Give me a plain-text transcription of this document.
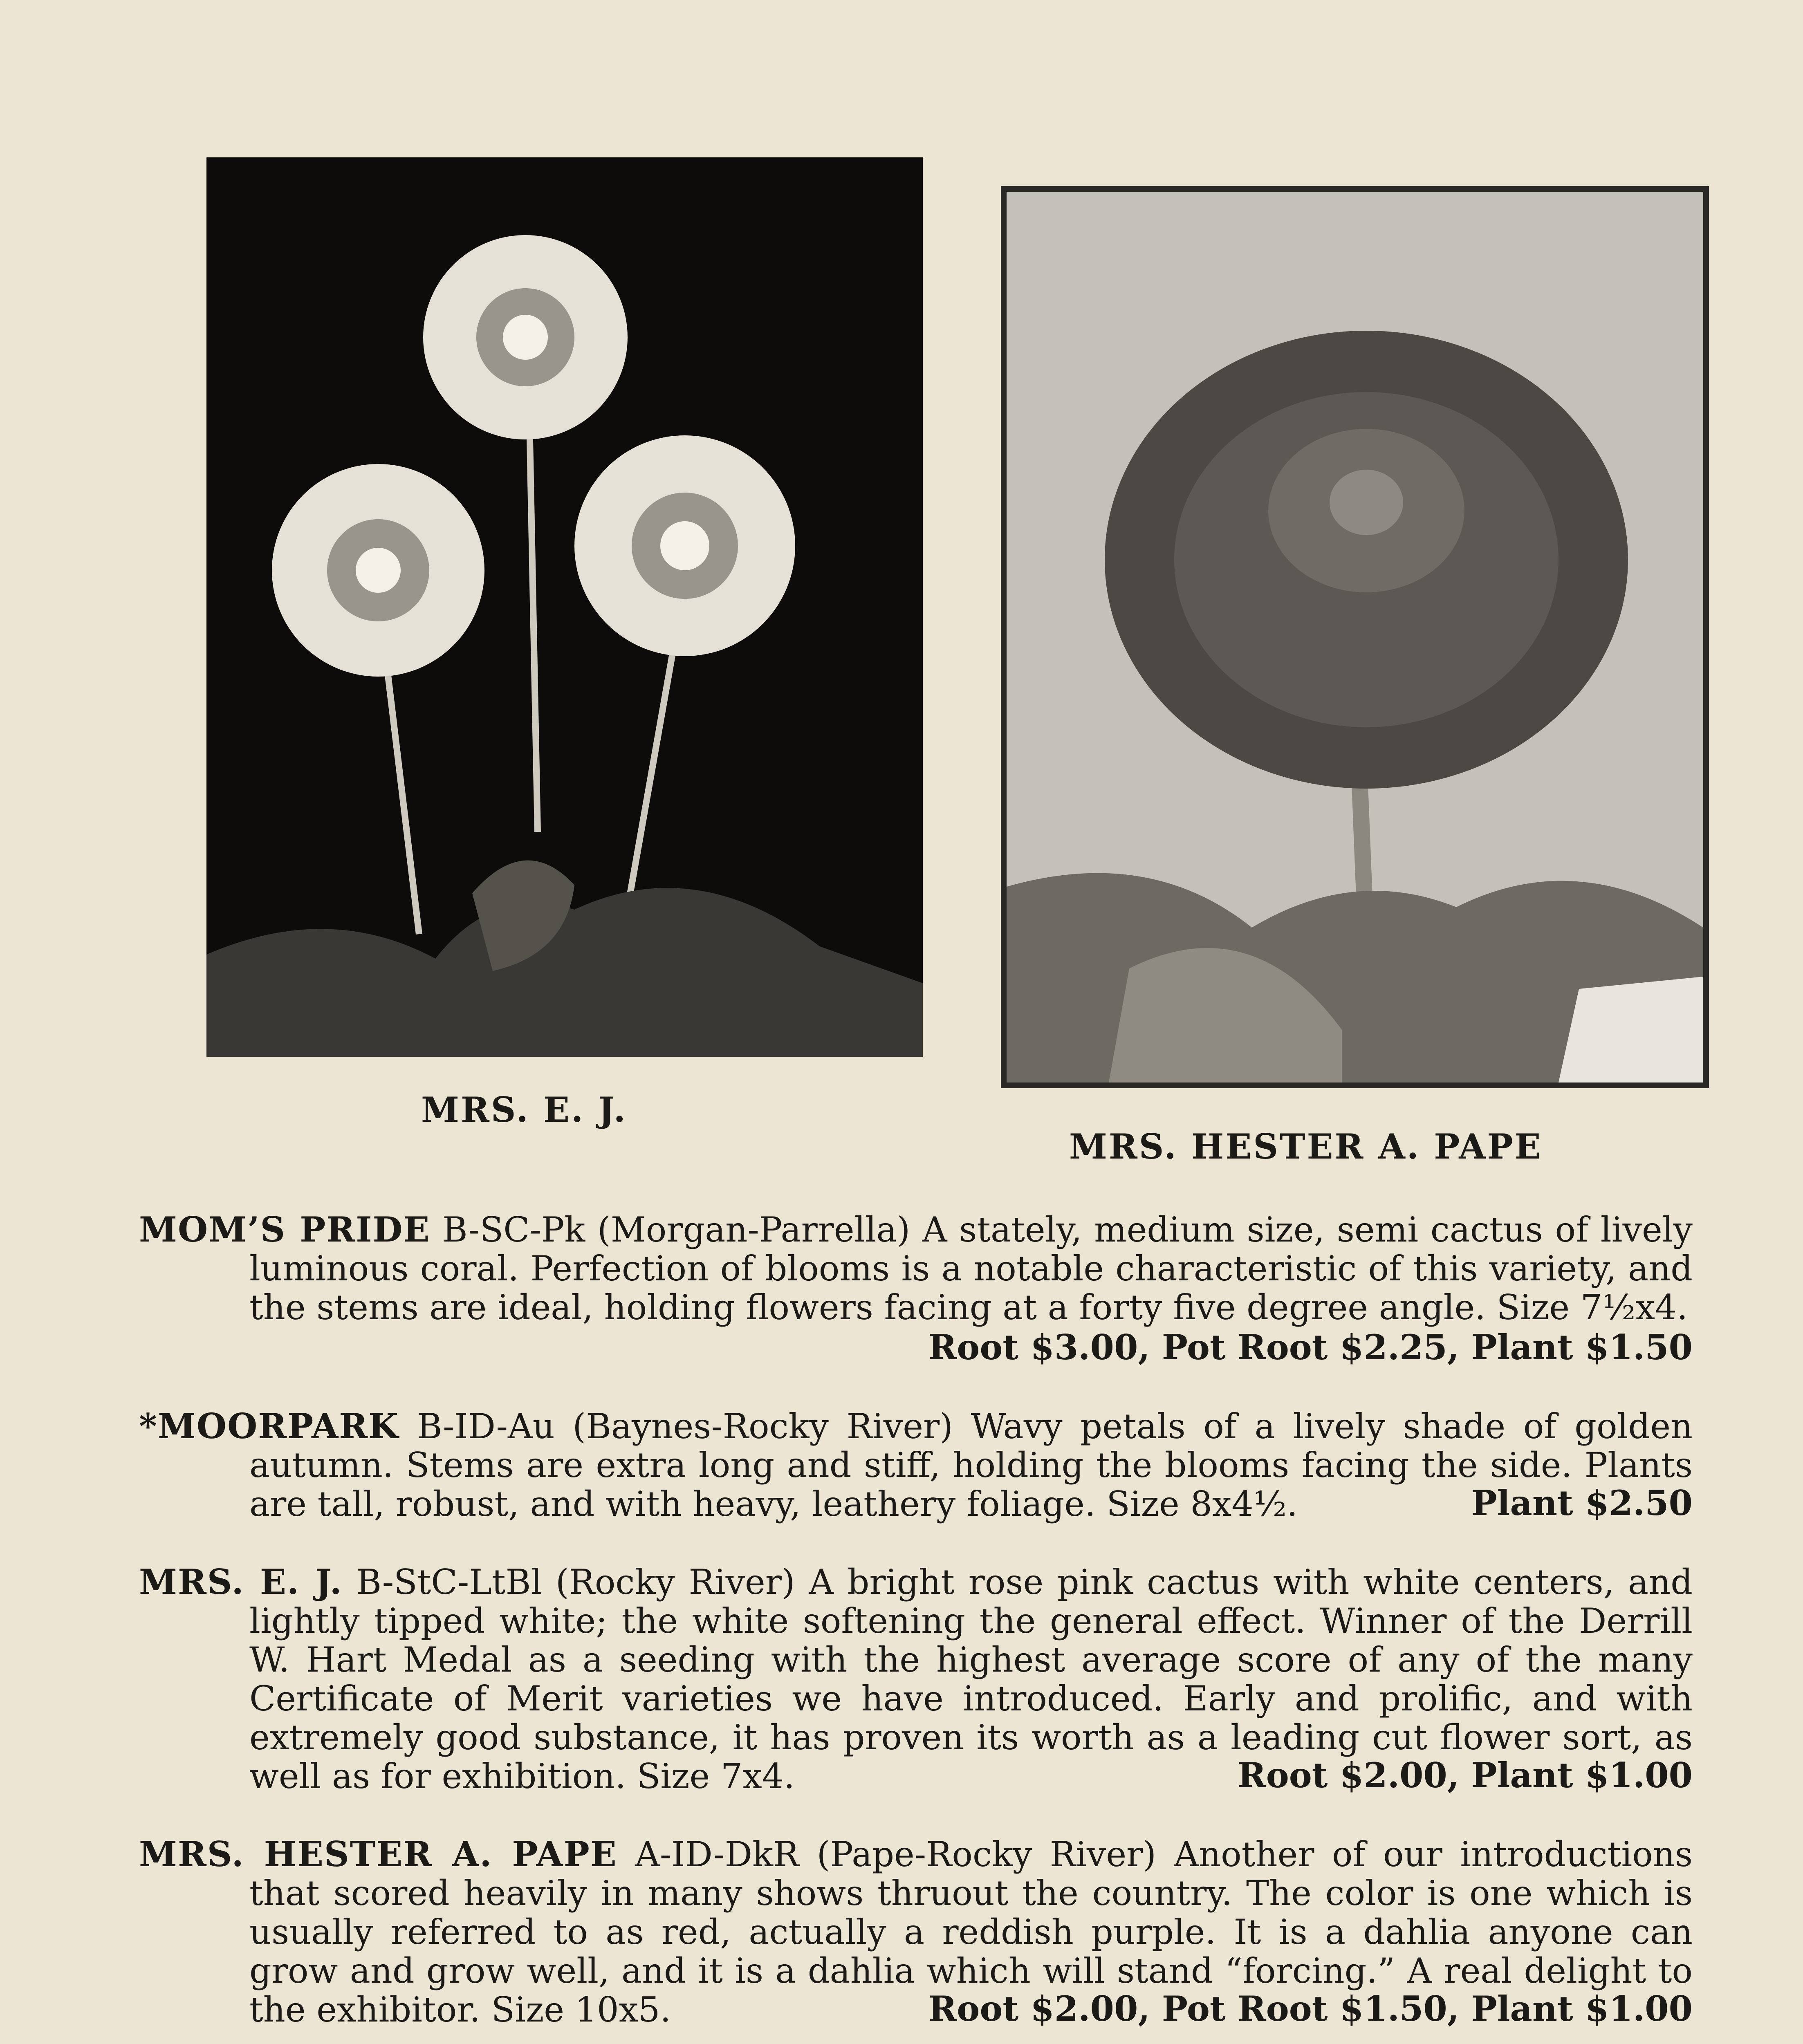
MRS. E. J.
MRS. HESTER A. PAPE

MOM’S PRIDE B-SC-Pk (Morgan-Parrella) A stately, medium size, semi cactus of lively luminous coral. Perfection of blooms is a notable characteristic of this variety, and the stems are ideal, holding flowers facing at a forty five degree angle. Size 7½x4.

Root $3.00, Pot Root $2.25, Plant $1.50

*MOORPARK B-ID-Au (Baynes-Rocky River) Wavy petals of a lively shade of golden autumn. Stems are extra long and stiff, holding the blooms facing the side. Plants are tall, robust, and with heavy, leathery foliage. Size 8x4½.	Plant $2.50

MRS. E. J. B-StC-LtBl (Rocky River) A bright rose pink cactus with white centers, and lightly tipped white; the white softening the general effect. Winner of the Derrill W. Hart Medal as a seeding with the highest average score of any of the many Certificate of Merit varieties we have introduced. Early and prolific, and with extremely good substance, it has proven its worth as a leading cut flower sort, as well as for exhibition. Size 7x4.	Root $2.00, Plant $1.00

MRS. HESTER A. PAPE A-ID-DkR (Pape-Rocky River) Another of our introductions that scored heavily in many shows thruout the country. The color is one which is usually referred to as red, actually a reddish purple. It is a dahlia anyone can grow and grow well, and it is a dahlia which will stand “forcing.” A real delight to the exhibitor. Size 10x5.	Root $2.00, Pot Root $1.50, Plant $1.00
